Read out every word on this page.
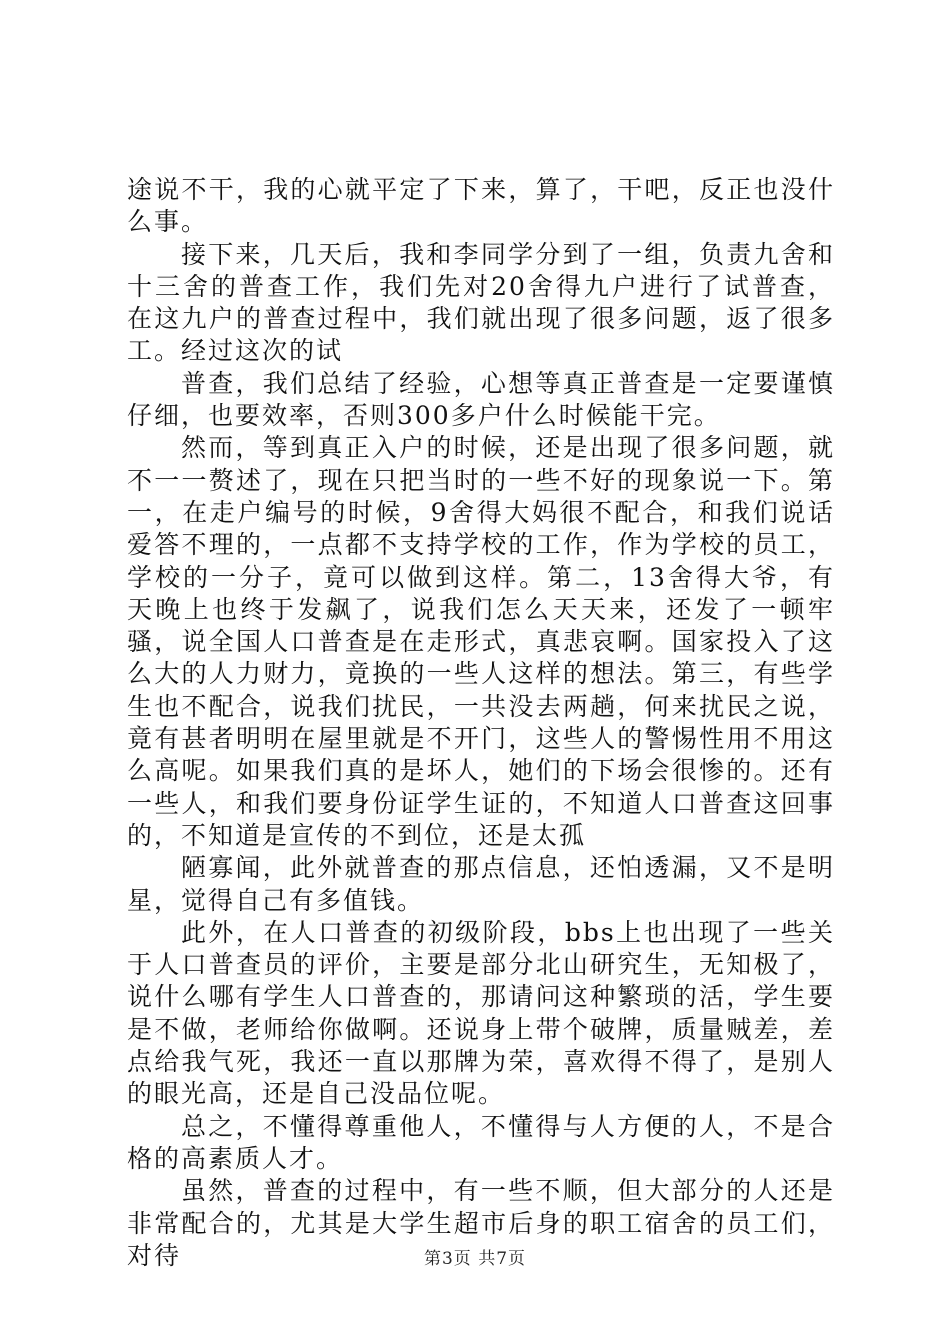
途说不干，我的心就平定了下来，算了，干吧，反正也没什么事。

接下来，几天后，我和李同学分到了一组，负责九舍和十三舍的普查工作，我们先对20舍得九户进行了试普查，在这九户的普查过程中，我们就出现了很多问题，返了很多工。经过这次的试

普查，我们总结了经验，心想等真正普查是一定要谨慎仔细，也要效率，否则300多户什么时候能干完。

然而，等到真正入户的时候，还是出现了很多问题，就不一一赘述了，现在只把当时的一些不好的现象说一下。第一，在走户编号的时候，9舍得大妈很不配合，和我们说话爱答不理的，一点都不支持学校的工作，作为学校的员工，学校的一分子，竟可以做到这样。第二，13舍得大爷，有天晚上也终于发飙了，说我们怎么天天来，还发了一顿牢骚，说全国人口普查是在走形式，真悲哀啊。国家投入了这么大的人力财力，竟换的一些人这样的想法。第三，有些学生也不配合，说我们扰民，一共没去两趟，何来扰民之说，竟有甚者明明在屋里就是不开门，这些人的警惕性用不用这么高呢。如果我们真的是坏人，她们的下场会很惨的。还有一些人，和我们要身份证学生证的，不知道人口普查这回事的，不知道是宣传的不到位，还是太孤

陋寡闻，此外就普查的那点信息，还怕透漏，又不是明星，觉得自己有多值钱。

此外，在人口普查的初级阶段，bbs上也出现了一些关于人口普查员的评价，主要是部分北山研究生，无知极了，说什么哪有学生人口普查的，那请问这种繁琐的活，学生要是不做，老师给你做啊。还说身上带个破牌，质量贼差，差点给我气死，我还一直以那牌为荣，喜欢得不得了，是别人的眼光高，还是自己没品位呢。

总之，不懂得尊重他人，不懂得与人方便的人，不是合格的高素质人才。

虽然，普查的过程中，有一些不顺，但大部分的人还是非常配合的，尤其是大学生超市后身的职工宿舍的员工们，对待	第3页 共7页
